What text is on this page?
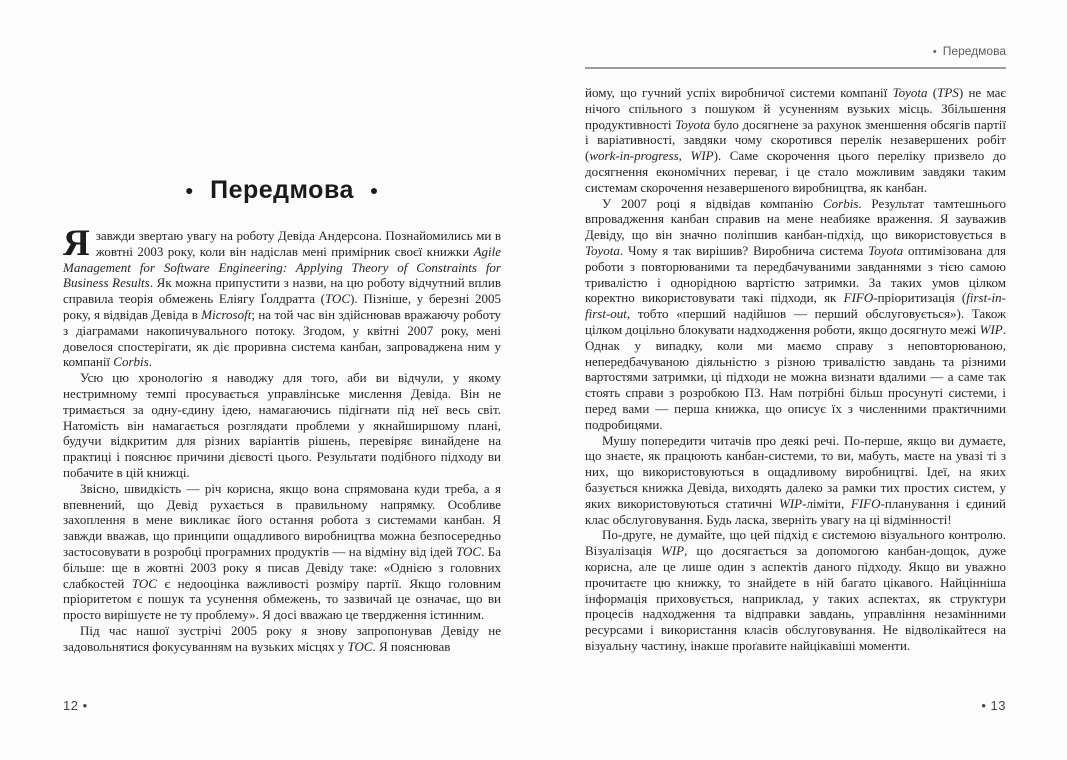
● Передмова ●

Язавжди звертаю увагу на роботу Девіда Андерсона. Познайомились ми в жовтні 2003 року, коли він надіслав мені примірник своєї книжки Agile Management for Software Engineering: Applying Theory of Constraints for Business Results. Як можна припустити з назви, на цю роботу відчутний вплив справила теорія обмежень Еліягу Ґолдратта (TOC). Пізніше, у березні 2005 року, я відвідав Девіда в Microsoft; на той час він здійснював вражаючу роботу з діаграмами накопичувального потоку. Згодом, у квітні 2007 року, мені довелося спостерігати, як діє проривна система канбан, запроваджена ним у компанії Corbis.

Усю цю хронологію я наводжу для того, аби ви відчули, у якому нестримному темпі просувається управлінське мислення Девіда. Він не тримається за одну-єдину ідею, намагаючись підігнати під неї весь світ. Натомість він намагається розглядати проблеми у якнайширшому плані, будучи відкритим для різних варіантів рішень, перевіряє винайдене на практиці і пояснює причини дієвості цього. Результати подібного підходу ви побачите в цій книжці.

Звісно, швидкість — річ корисна, якщо вона спрямована куди треба, а я впевнений, що Девід рухається в правильному напрямку. Особливе захоплення в мене викликає його остання робота з системами канбан. Я завжди вважав, що принципи ощадливого виробництва можна безпосередньо застосовувати в розробці програмних продуктів — на відміну від ідей TOC. Ба більше: ще в жовтні 2003 року я писав Девіду таке: «Однією з головних слабкостей TOC є недооцінка важливості розміру партії. Якщо головним пріоритетом є пошук та усунення обмежень, то зазвичай це означає, що ви просто вирішуєте не ту проблему». Я досі вважаю це твердження істинним.

Під час нашої зустрічі 2005 року я знову запропонував Девіду не задовольнятися фокусуванням на вузьких місцях у TOC. Я пояснював

• Передмова

йому, що гучний успіх виробничої системи компанії Toyota (TPS) не має нічого спільного з пошуком й усуненням вузьких місць. Збільшення продуктивності Toyota було досягнене за рахунок зменшення обсягів партії і варіативності, завдяки чому скоротився перелік незавершених робіт (work-in-progress, WIP). Саме скорочення цього переліку призвело до досягнення економічних переваг, і це стало можливим завдяки таким системам скорочення незавершеного виробництва, як канбан.

У 2007 році я відвідав компанію Corbis. Результат тамтешнього впровадження канбан справив на мене неабияке враження. Я зауважив Девіду, що він значно поліпшив канбан-підхід, що використовується в Toyota. Чому я так вирішив? Виробнича система Toyota оптимізована для роботи з повторюваними та передбачуваними завданнями з тією самою тривалістю і однорідною вартістю затримки. За таких умов цілком коректно використовувати такі підходи, як FIFO-пріоритизація (first-in-first-out, тобто «перший надійшов — перший обслуговується»). Також цілком доцільно блокувати надходження роботи, якщо досягнуто межі WIP. Однак у випадку, коли ми маємо справу з неповторюваною, непередбачуваною діяльністю з різною тривалістю завдань та різними вартостями затримки, ці підходи не можна визнати вдалими — а саме так стоять справи з розробкою ПЗ. Нам потрібні більш просунуті системи, і перед вами — перша книжка, що описує їх з численними практичними подробицями.

Мушу попередити читачів про деякі речі. По-перше, якщо ви думаєте, що знаєте, як працюють канбан-системи, то ви, мабуть, маєте на увазі ті з них, що використовуються в ощадливому виробництві. Ідеї, на яких базується книжка Девіда, виходять далеко за рамки тих простих систем, у яких використовуються статичні WIP-ліміти, FIFO-планування і єдиний клас обслуговування. Будь ласка, зверніть увагу на ці відмінності!

По-друге, не думайте, що цей підхід є системою візуального контролю. Візуалізація WIP, що досягається за допомогою канбан-дощок, дуже корисна, але це лише один з аспектів даного підходу. Якщо ви уважно прочитаєте цю книжку, то знайдете в ній багато цікавого. Найцінніша інформація приховується, наприклад, у таких аспектах, як структури процесів надходження та відправки завдань, управління незамінними ресурсами і використання класів обслуговування. Не відволікайтеся на візуальну частину, інакше проґавите найцікавіші моменти.

12 •	• 13
